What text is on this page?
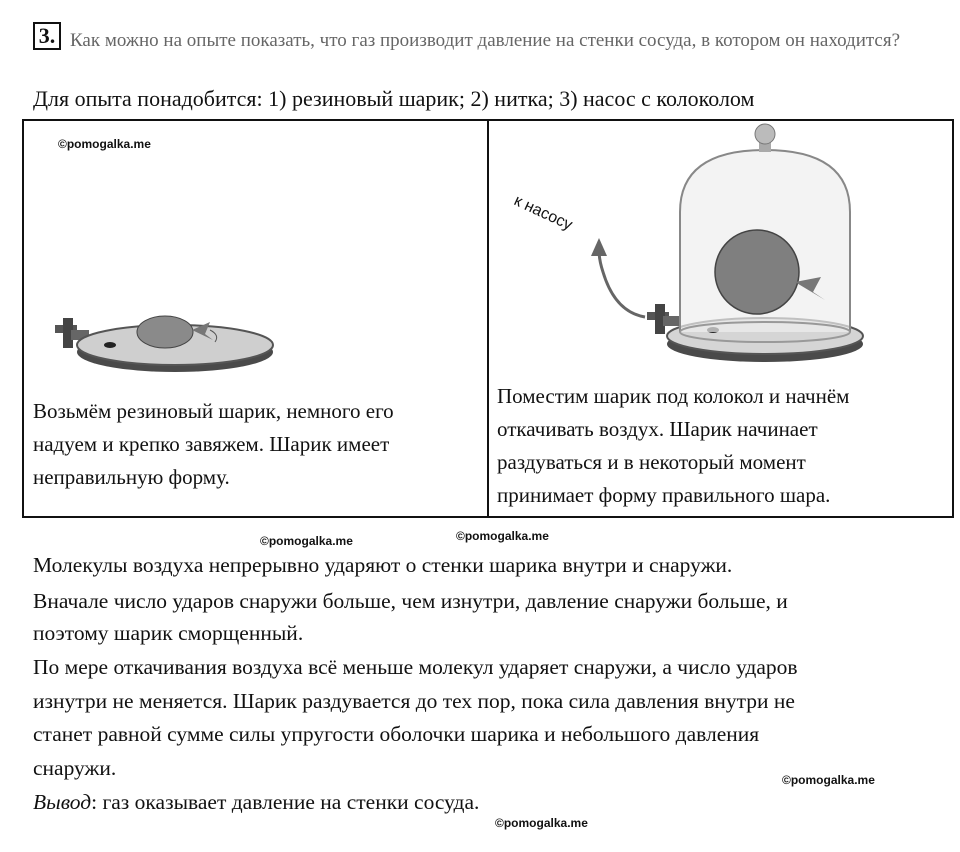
3. Как можно на опыте показать, что газ производит давление на стенки сосуда, в котором он находится?
Для опыта понадобится: 1) резиновый шарик; 2) нитка; 3) насос с колоколом
©pomogalka.me
Возьмём резиновый шарик, немного его
надуем и крепко завяжем. Шарик имеет
неправильную форму.
к насосу
Поместим шарик под колокол и начнём
откачивать воздух. Шарик начинает
раздуваться и в некоторый момент
принимает форму правильного шара.
©pomogalka.me	©pomogalka.me
Молекулы воздуха непрерывно ударяют о стенки шарика внутри и снаружи.
Вначале число ударов снаружи больше, чем изнутри, давление снаружи больше, и
поэтому шарик сморщенный.
По мере откачивания воздуха всё меньше молекул ударяет снаружи, а число ударов
изнутри не меняется. Шарик раздувается до тех пор, пока сила давления внутри не
станет равной сумме силы упругости оболочки шарика и небольшого давления
снаружи.	©pomogalka.me
Вывод: газ оказывает давление на стенки сосуда.
©pomogalka.me
